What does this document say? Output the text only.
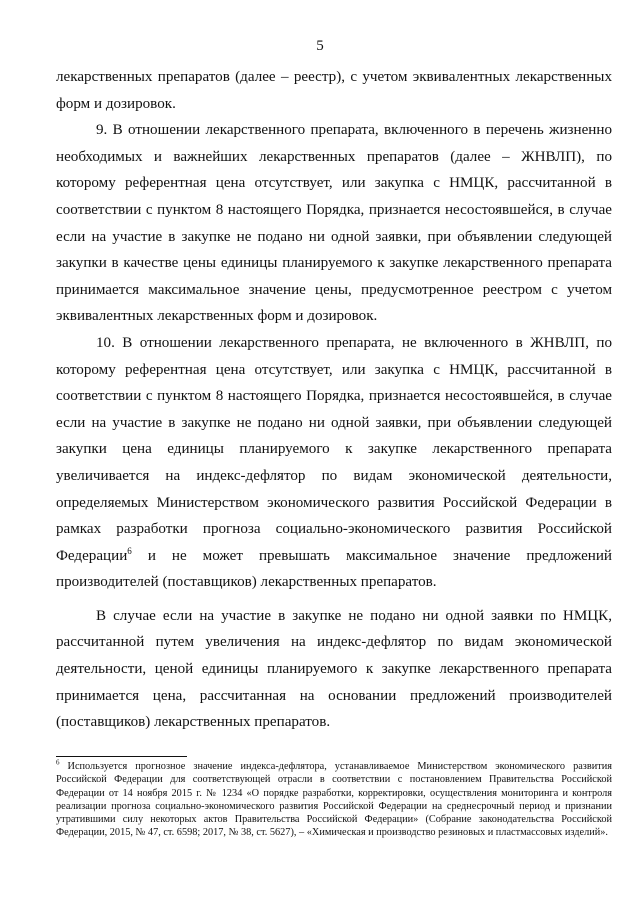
5

лекарственных препаратов (далее – реестр), с учетом эквивалентных лекарственных форм и дозировок.

9. В отношении лекарственного препарата, включенного в перечень жизненно необходимых и важнейших лекарственных препаратов (далее – ЖНВЛП), по которому референтная цена отсутствует, или закупка с НМЦК, рассчитанной в соответствии с пунктом 8 настоящего Порядка, признается несостоявшейся, в случае если на участие в закупке не подано ни одной заявки, при объявлении следующей закупки в качестве цены единицы планируемого к закупке лекарственного препарата принимается максимальное значение цены, предусмотренное реестром с учетом эквивалентных лекарственных форм и дозировок.

10. В отношении лекарственного препарата, не включенного в ЖНВЛП, по которому референтная цена отсутствует, или закупка с НМЦК, рассчитанной в соответствии с пунктом 8 настоящего Порядка, признается несостоявшейся, в случае если на участие в закупке не подано ни одной заявки, при объявлении следующей закупки цена единицы планируемого к закупке лекарственного препарата увеличивается на индекс-дефлятор по видам экономической деятельности, определяемых Министерством экономического развития Российской Федерации в рамках разработки прогноза социально-экономического развития Российской Федерации$^6$ и не может превышать максимальное значение предложений производителей (поставщиков) лекарственных препаратов.

В случае если на участие в закупке не подано ни одной заявки по НМЦК, рассчитанной путем увеличения на индекс-дефлятор по видам экономической деятельности, ценой единицы планируемого к закупке лекарственного препарата принимается цена, рассчитанная на основании предложений производителей (поставщиков) лекарственных препаратов.

$^6$ Используется прогнозное значение индекса-дефлятора, устанавливаемое Министерством экономического развития Российской Федерации для соответствующей отрасли в соответствии с постановлением Правительства Российской Федерации от 14 ноября 2015 г. № 1234 «О порядке разработки, корректировки, осуществления мониторинга и контроля реализации прогноза социально-экономического развития Российской Федерации на среднесрочный период и признании утратившими силу некоторых актов Правительства Российской Федерации» (Собрание законодательства Российской Федерации, 2015, № 47, ст. 6598; 2017, № 38, ст. 5627), – «Химическая и производство резиновых и пластмассовых изделий».
